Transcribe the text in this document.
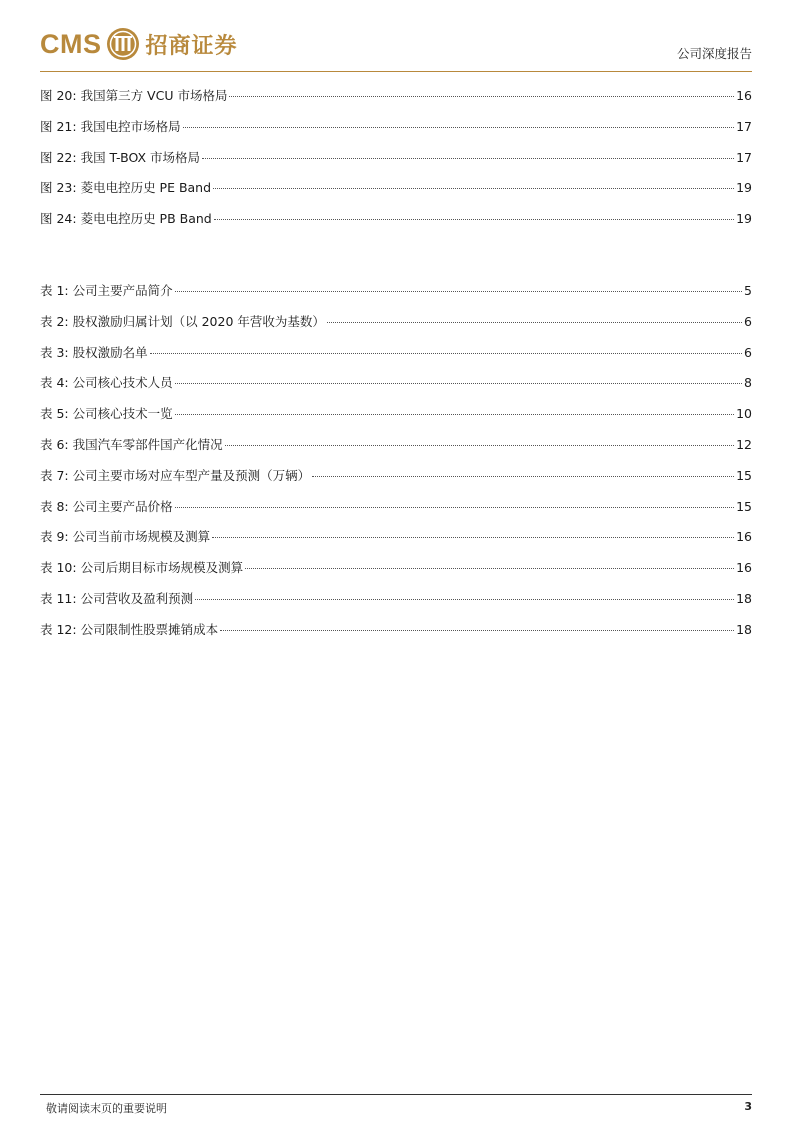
CMS 招商证券	公司深度报告
图 20: 我国第三方 VCU 市场格局	16
图 21: 我国电控市场格局	17
图 22: 我国 T-BOX 市场格局	17
图 23: 菱电电控历史 PE Band	19
图 24: 菱电电控历史 PB Band	19
表 1: 公司主要产品简介	5
表 2: 股权激励归属计划（以 2020 年营收为基数）	6
表 3: 股权激励名单	6
表 4: 公司核心技术人员	8
表 5: 公司核心技术一览	10
表 6: 我国汽车零部件国产化情况	12
表 7: 公司主要市场对应车型产量及预测（万辆）	15
表 8: 公司主要产品价格	15
表 9: 公司当前市场规模及测算	16
表 10: 公司后期目标市场规模及测算	16
表 11: 公司营收及盈利预测	18
表 12: 公司限制性股票摊销成本	18
敬请阅读末页的重要说明	3
